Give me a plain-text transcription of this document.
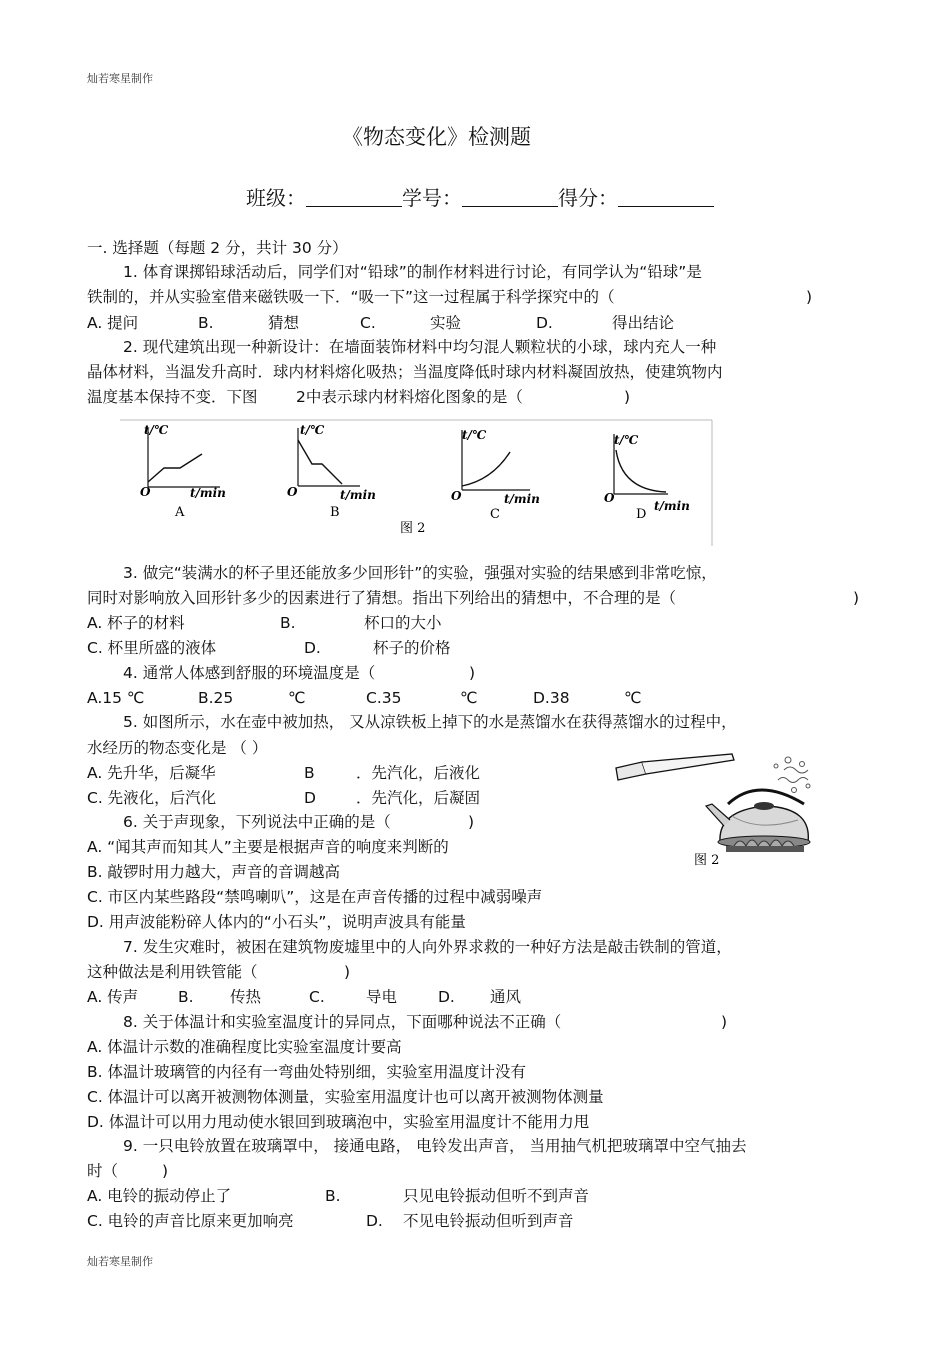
灿若寒星制作
《物态变化》检测题
班级：	学号：	得分：
一. 选择题（每题 2 分，共计 30 分）
1. 体育课掷铅球活动后，同学们对“铅球”的制作材料进行讨论，有同学认为“铅球”是
铁制的，并从实验室借来磁铁吸一下．“吸一下”这一过程属于科学探究中的（	)
A. 提问	B.	猜想	C.	实验	D.	得出结论
2. 现代建筑出现一种新设计：在墙面装饰材料中均匀混人颗粒状的小球，球内充人一种
晶体材料，当温发升高时．球内材料熔化吸热；当温度降低时球内材料凝固放热，使建筑物内
温度基本保持不变．下图 2中表示球内材料熔化图象的是（	)
t/℃
O	t/min
A
t/℃
O	t/min
B
t/℃
O	t/min
C
t/℃
O
t/min
D
图 2
3. 做完“装满水的杯子里还能放多少回形针”的实验，强强对实验的结果感到非常吃惊，
同时对影响放入回形针多少的因素进行了猜想。指出下列给出的猜想中，不合理的是（	)
A. 杯子的材料	B.	杯口的大小
C. 杯里所盛的液体	D.	杯子的价格
4. 通常人体感到舒服的环境温度是（	)
A.15 ℃	B.25	℃	C.35	℃	D.38	℃
5. 如图所示，水在壶中被加热， 又从凉铁板上掉下的水是蒸馏水在获得蒸馏水的过程中，
水经历的物态变化是 （ ）
A. 先升华，后凝华	B	．先汽化，后液化
C. 先液化，后汽化	D	．先汽化，后凝固
图 2
6. 关于声现象，下列说法中正确的是（	)
A. “闻其声而知其人”主要是根据声音的响度来判断的
B. 敲锣时用力越大，声音的音调越高
C. 市区内某些路段“禁鸣喇叭”，这是在声音传播的过程中减弱噪声
D. 用声波能粉碎人体内的“小石头”，说明声波具有能量
7. 发生灾难时，被困在建筑物废墟里中的人向外界求救的一种好方法是敲击铁制的管道，
这种做法是利用铁管能（	)
A. 传声	B. 传热	C.	导电	D. 通风
8. 关于体温计和实验室温度计的异同点，下面哪种说法不正确（	)
A. 体温计示数的准确程度比实验室温度计要高
B. 体温计玻璃管的内径有一弯曲处特别细，实验室用温度计没有
C. 体温计可以离开被测物体测量，实验室用温度计也可以离开被测物体测量
D. 体温计可以用力甩动使水银回到玻璃泡中，实验室用温度计不能用力甩
9. 一只电铃放置在玻璃罩中， 接通电路， 电铃发出声音， 当用抽气机把玻璃罩中空气抽去
时（	)
A. 电铃的振动停止了	B.	只见电铃振动但听不到声音
C. 电铃的声音比原来更加响亮	D. 不见电铃振动但听到声音
灿若寒星制作
